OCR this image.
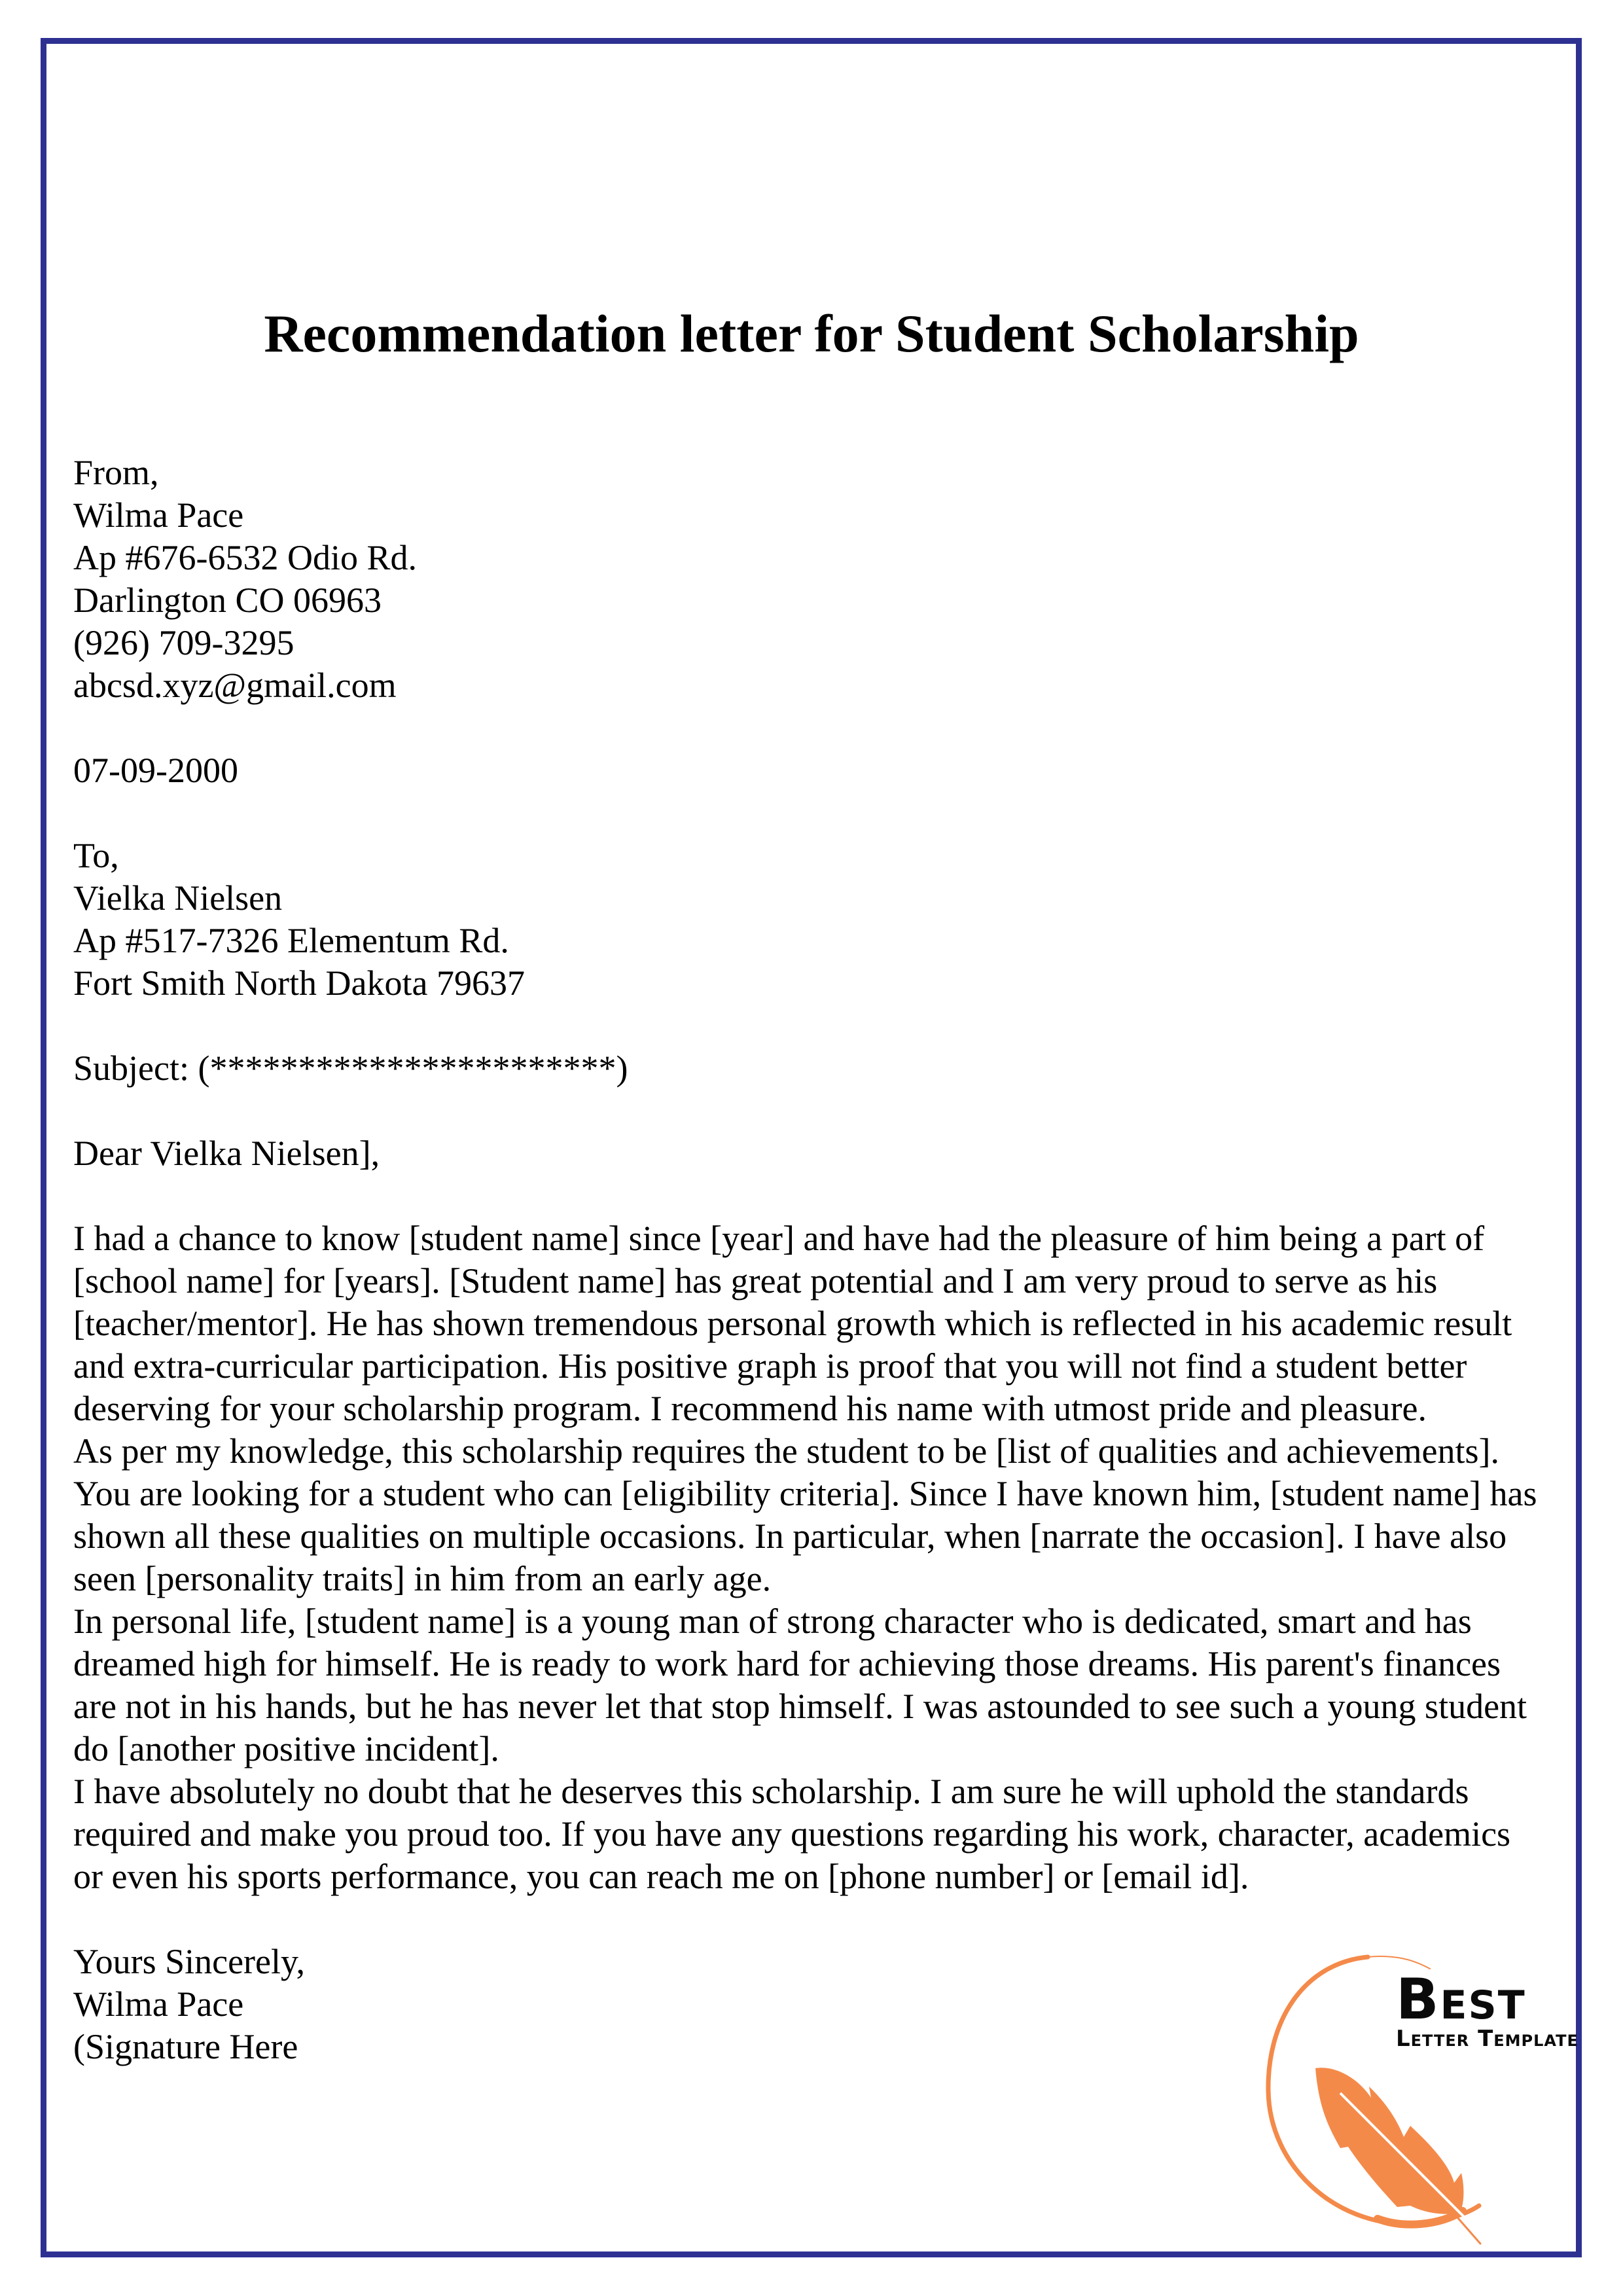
Recommendation letter for Student Scholarship
From,
Wilma Pace
Ap #676-6532 Odio Rd.
Darlington CO 06963
(926) 709-3295
abcsd.xyz@gmail.com
07-09-2000
To,
Vielka Nielsen
Ap #517-7326 Elementum Rd.
Fort Smith North Dakota 79637
Subject: (***********************)
Dear Vielka Nielsen],
I had a chance to know [student name] since [year] and have had the pleasure of him being a part of
[school name] for [years]. [Student name] has great potential and I am very proud to serve as his
[teacher/mentor]. He has shown tremendous personal growth which is reflected in his academic result
and extra-curricular participation. His positive graph is proof that you will not find a student better
deserving for your scholarship program. I recommend his name with utmost pride and pleasure.
As per my knowledge, this scholarship requires the student to be [list of qualities and achievements].
You are looking for a student who can [eligibility criteria]. Since I have known him, [student name] has
shown all these qualities on multiple occasions. In particular, when [narrate the occasion]. I have also
seen [personality traits] in him from an early age.
In personal life, [student name] is a young man of strong character who is dedicated, smart and has
dreamed high for himself. He is ready to work hard for achieving those dreams. His parent's finances
are not in his hands, but he has never let that stop himself. I was astounded to see such a young student
do [another positive incident].
I have absolutely no doubt that he deserves this scholarship. I am sure he will uphold the standards
required and make you proud too. If you have any questions regarding his work, character, academics
or even his sports performance, you can reach me on [phone number] or [email id].
Yours Sincerely,
Wilma Pace
(Signature Here
Best
Letter Template
